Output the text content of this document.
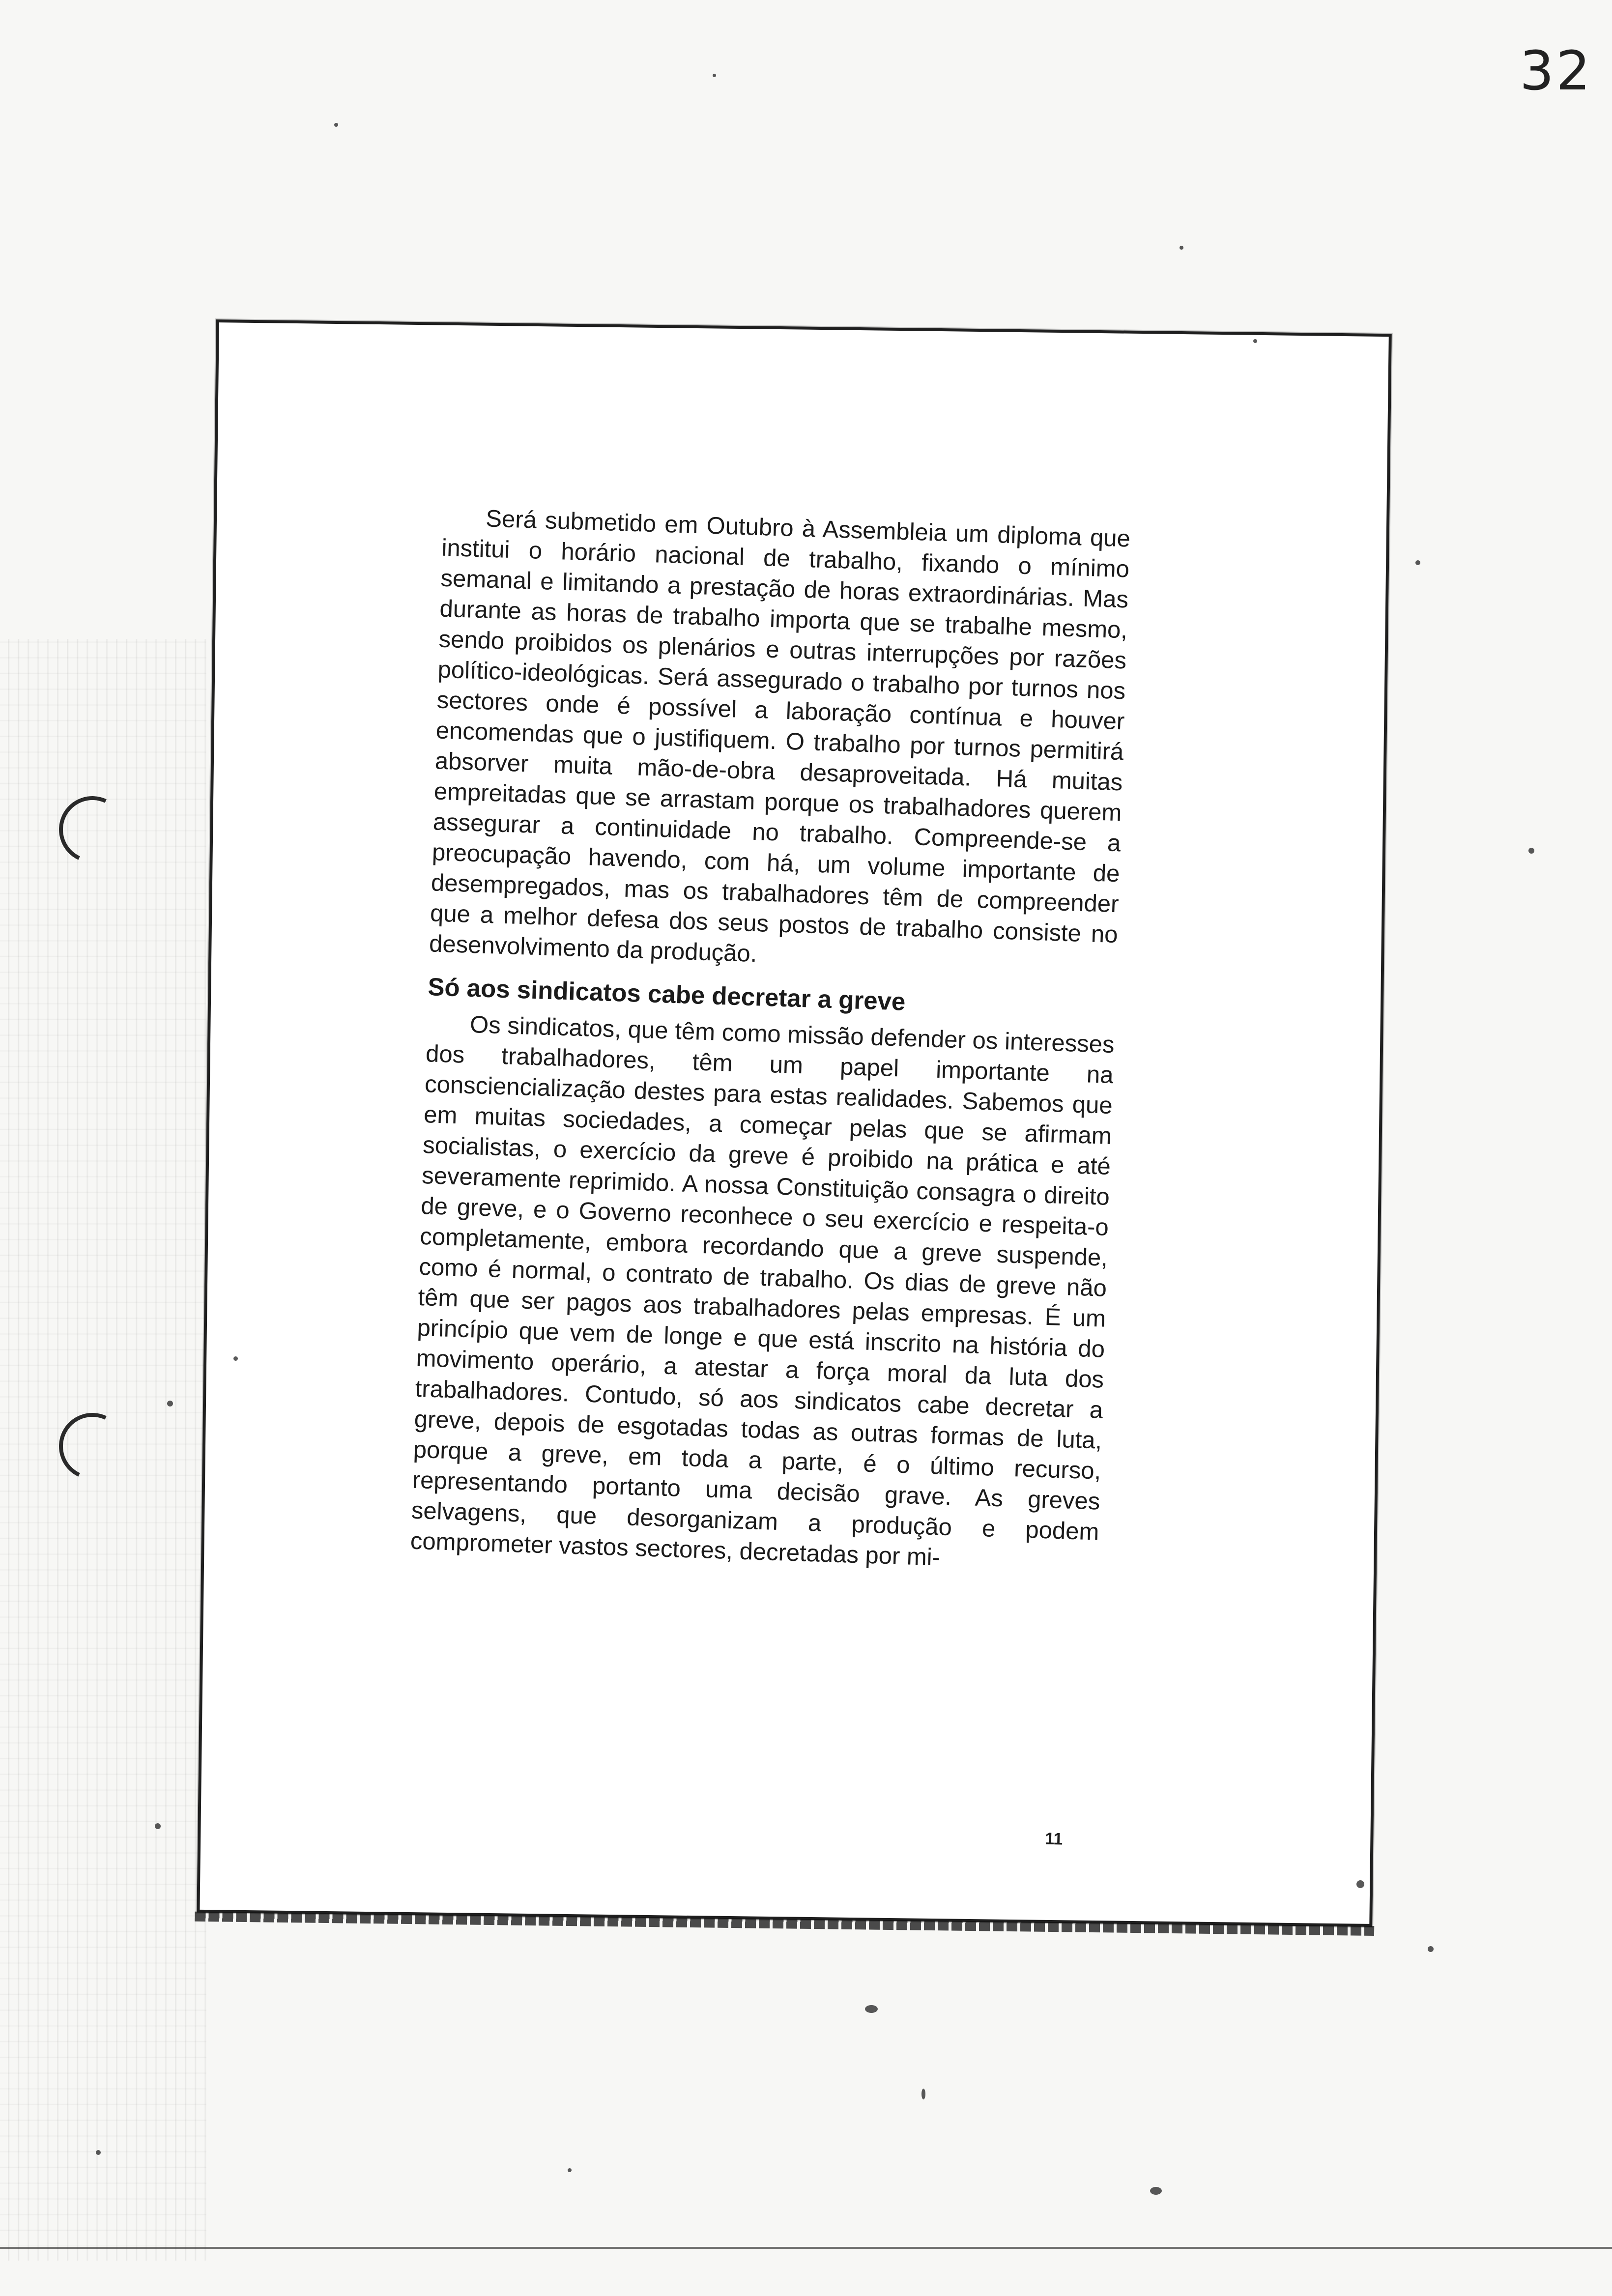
32

Será submetido em Outubro à Assembleia um diploma que institui o horário nacional de trabalho, fixando o mínimo semanal e limitando a prestação de horas extraordinárias. Mas durante as horas de trabalho importa que se trabalhe mesmo, sendo proibidos os plenários e outras interrupções por razões político-ideológicas. Será assegurado o trabalho por turnos nos sectores onde é possível a laboração contínua e houver encomendas que o justifiquem. O trabalho por turnos permitirá absorver muita mão-de-obra desaproveitada. Há muitas empreitadas que se arrastam porque os trabalhadores querem assegurar a continuidade no trabalho. Compreende-se a preocupação havendo, com há, um volume importante de desempregados, mas os trabalhadores têm de compreender que a melhor defesa dos seus postos de trabalho consiste no desenvolvimento da produção.

Só aos sindicatos cabe decretar a greve

Os sindicatos, que têm como missão defender os interesses dos trabalhadores, têm um papel importante na consciencialização destes para estas realidades. Sabemos que em muitas sociedades, a começar pelas que se afirmam socialistas, o exercício da greve é proibido na prática e até severamente reprimido. A nossa Constituição consagra o direito de greve, e o Governo reconhece o seu exercício e respeita-o completamente, embora recordando que a greve suspende, como é normal, o contrato de trabalho. Os dias de greve não têm que ser pagos aos trabalhadores pelas empresas. É um princípio que vem de longe e que está inscrito na história do movimento operário, a atestar a força moral da luta dos trabalhadores. Contudo, só aos sindicatos cabe decretar a greve, depois de esgotadas todas as outras formas de luta, porque a greve, em toda a parte, é o último recurso, representando portanto uma decisão grave. As greves selvagens, que desorganizam a produção e podem comprometer vastos sectores, decretadas por mi-

11
